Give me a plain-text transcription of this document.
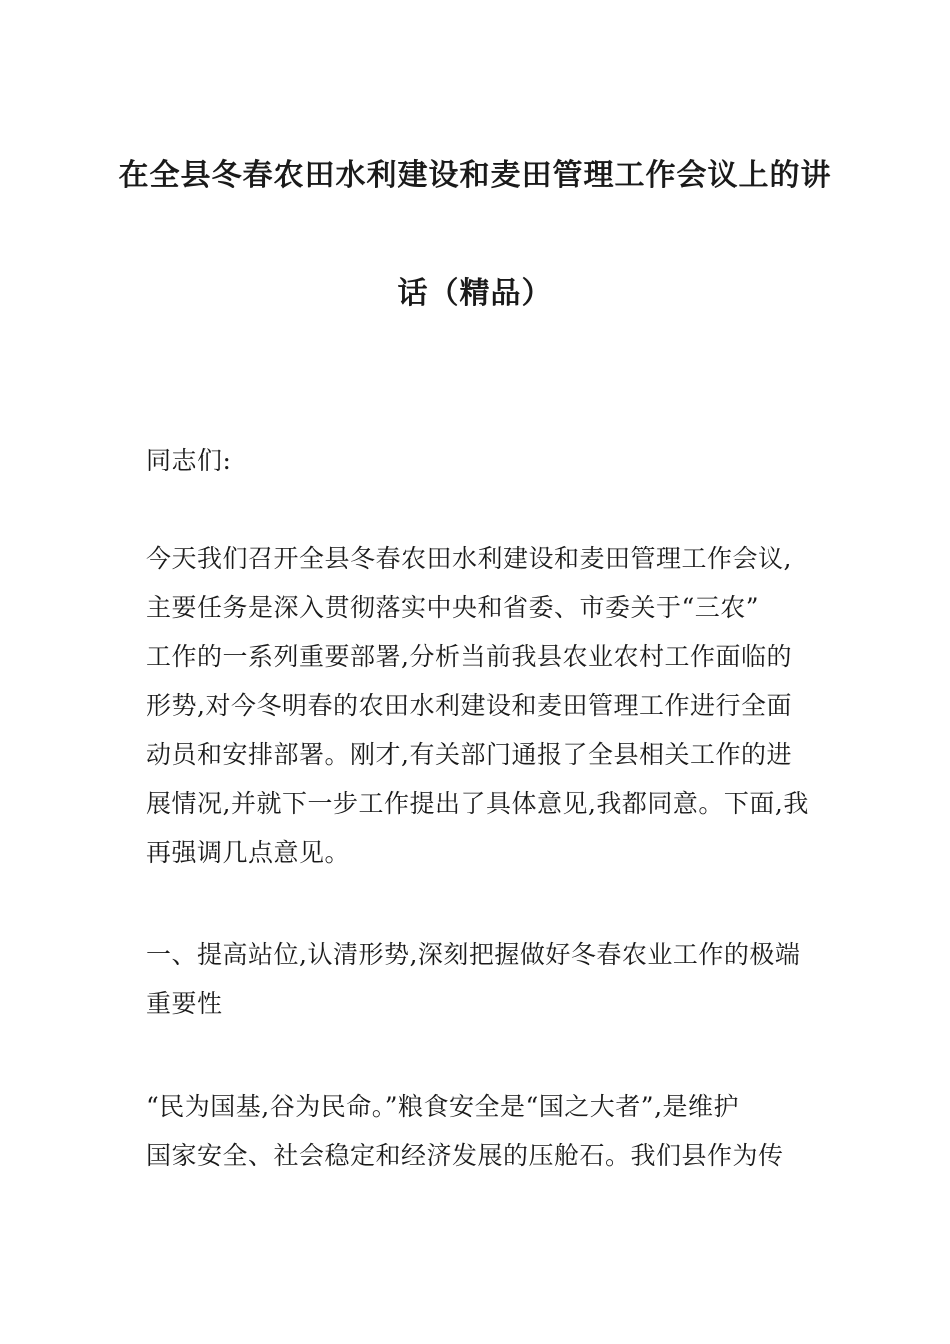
在全县冬春农田水利建设和麦田管理工作会议上的讲
话（精品）
同志们:
今天我们召开全县冬春农田水利建设和麦田管理工作会议,
主要任务是深入贯彻落实中央和省委、市委关于“三农”
工作的一系列重要部署,分析当前我县农业农村工作面临的
形势,对今冬明春的农田水利建设和麦田管理工作进行全面
动员和安排部署。刚才,有关部门通报了全县相关工作的进
展情况,并就下一步工作提出了具体意见,我都同意。下面,我
再强调几点意见。
一、提高站位,认清形势,深刻把握做好冬春农业工作的极端
重要性
“民为国基,谷为民命。”粮食安全是“国之大者”,是维护
国家安全、社会稳定和经济发展的压舱石。我们县作为传
